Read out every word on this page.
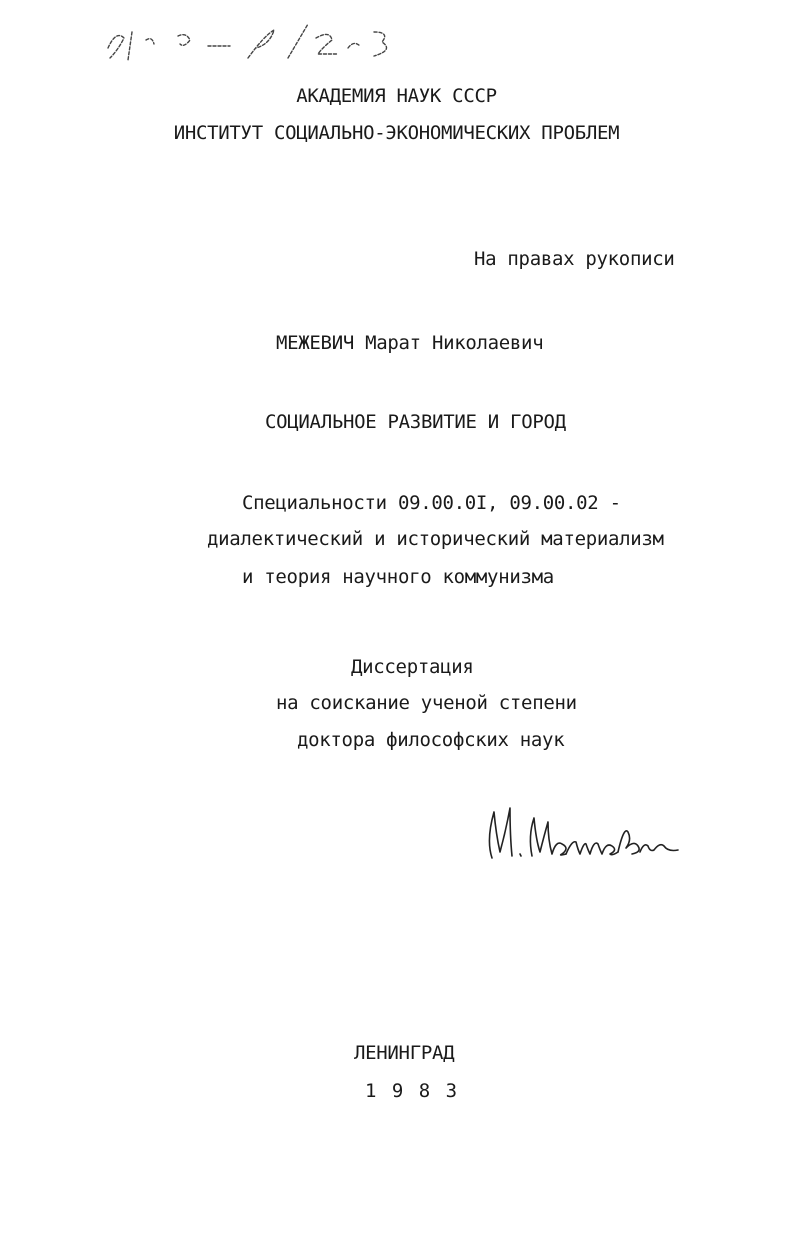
АКАДЕМИЯ НАУК СССР
ИНСТИТУТ СОЦИАЛЬНО-ЭКОНОМИЧЕСКИХ ПРОБЛЕМ
На правах рукописи
МЕЖЕВИЧ Марат Николаевич
СОЦИАЛЬНОЕ РАЗВИТИЕ И ГОРОД
Специальности 09.00.0I, 09.00.02 -
диалектический и исторический материализм
и теория научного коммунизма
Диссертация
на соискание ученой степени
доктора философских наук
ЛЕНИНГРАД
1 9 8 3
